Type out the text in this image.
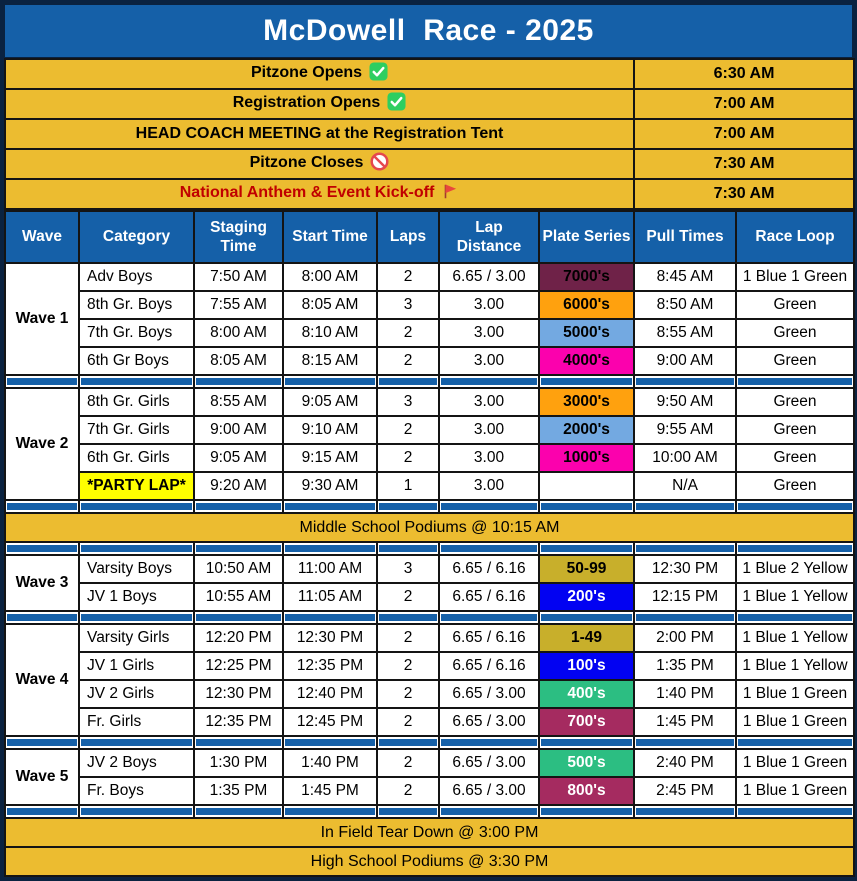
McDowell  Race - 2025
Pitzone Opens	6:30 AM
Registration Opens	7:00 AM
HEAD COACH MEETING at the Registration Tent	7:00 AM
Pitzone Closes	7:30 AM
National Anthem & Event Kick-off	7:30 AM
Wave	Category	Staging Time	Start Time	Laps	Lap Distance	Plate Series	Pull Times	Race Loop
Wave 1	Adv Boys	7:50 AM	8:00 AM	2	6.65 / 3.00	7000's	8:45 AM	1 Blue 1 Green
	8th Gr. Boys	7:55 AM	8:05 AM	3	3.00	6000's	8:50 AM	Green
	7th Gr. Boys	8:00 AM	8:10 AM	2	3.00	5000's	8:55 AM	Green
	6th Gr Boys	8:05 AM	8:15 AM	2	3.00	4000's	9:00 AM	Green

Wave 2	8th Gr. Girls	8:55 AM	9:05 AM	3	3.00	3000's	9:50 AM	Green
	7th Gr. Girls	9:00 AM	9:10 AM	2	3.00	2000's	9:55 AM	Green
	6th Gr. Girls	9:05 AM	9:15 AM	2	3.00	1000's	10:00 AM	Green
	*PARTY LAP*	9:20 AM	9:30 AM	1	3.00		N/A	Green

Middle School Podiums @ 10:15 AM								

Wave 3	Varsity Boys	10:50 AM	11:00 AM	3	6.65 / 6.16	50-99	12:30 PM	1 Blue 2 Yellow
	JV 1 Boys	10:55 AM	11:05 AM	2	6.65 / 6.16	200's	12:15 PM	1 Blue 1 Yellow

Wave 4	Varsity Girls	12:20 PM	12:30 PM	2	6.65 / 6.16	1-49	2:00 PM	1 Blue 1 Yellow
	JV 1 Girls	12:25 PM	12:35 PM	2	6.65 / 6.16	100's	1:35 PM	1 Blue 1 Yellow
	JV 2 Girls	12:30 PM	12:40 PM	2	6.65 / 3.00	400's	1:40 PM	1 Blue 1 Green
	Fr. Girls	12:35 PM	12:45 PM	2	6.65 / 3.00	700's	1:45 PM	1 Blue 1 Green

Wave 5	JV 2 Boys	1:30 PM	1:40 PM	2	6.65 / 3.00	500's	2:40 PM	1 Blue 1 Green
	Fr. Boys	1:35 PM	1:45 PM	2	6.65 / 3.00	800's	2:45 PM	1 Blue 1 Green

In Field Tear Down @ 3:00 PM								
High School Podiums @ 3:30 PM								
